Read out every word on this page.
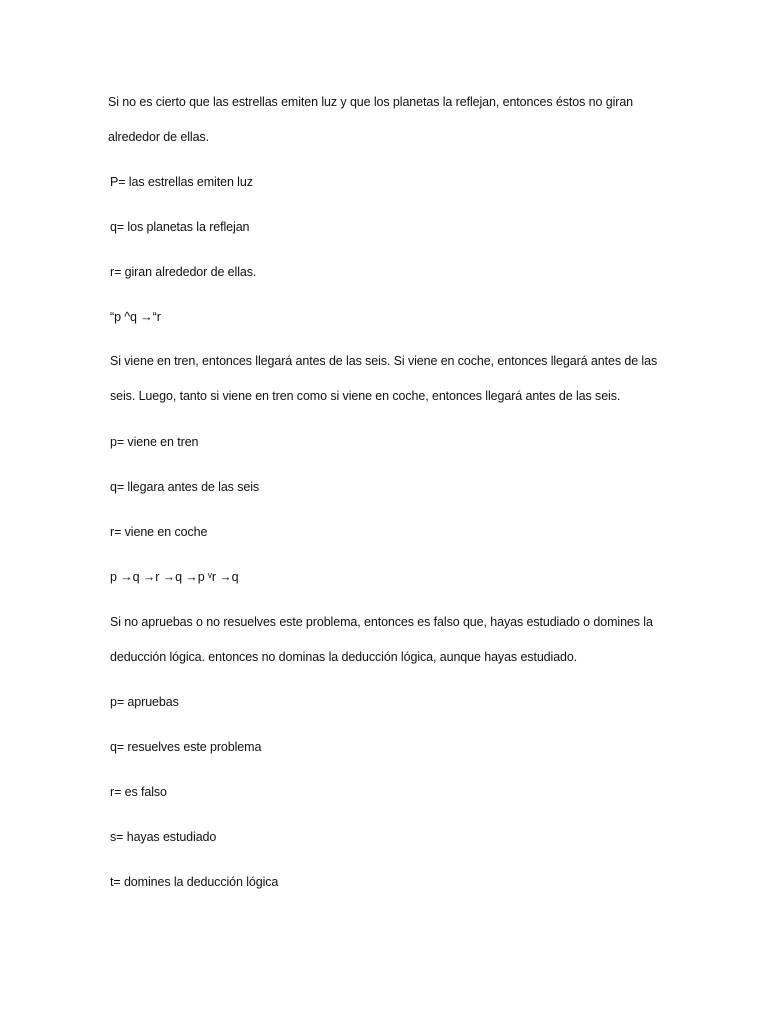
Si no es cierto que las estrellas emiten luz y que los planetas la reflejan, entonces éstos no giran

alrededor de ellas.

P= las estrellas emiten luz

q= los planetas la reflejan

r= giran alrededor de ellas.

“p ^q →“r

Si viene en tren, entonces llegará antes de las seis. Si viene en coche, entonces llegará antes de las

seis. Luego, tanto si viene en tren como si viene en coche, entonces llegará antes de las seis.

p= viene en tren

q= llegara antes de las seis

r= viene en coche

p →q →r →q →p ᵛr →q

Si no apruebas o no resuelves este problema, entonces es falso que, hayas estudiado o domines la

deducción lógica. entonces no dominas la deducción lógica, aunque hayas estudiado.

p= apruebas

q= resuelves este problema

r= es falso

s= hayas estudiado

t= domines la deducción lógica
